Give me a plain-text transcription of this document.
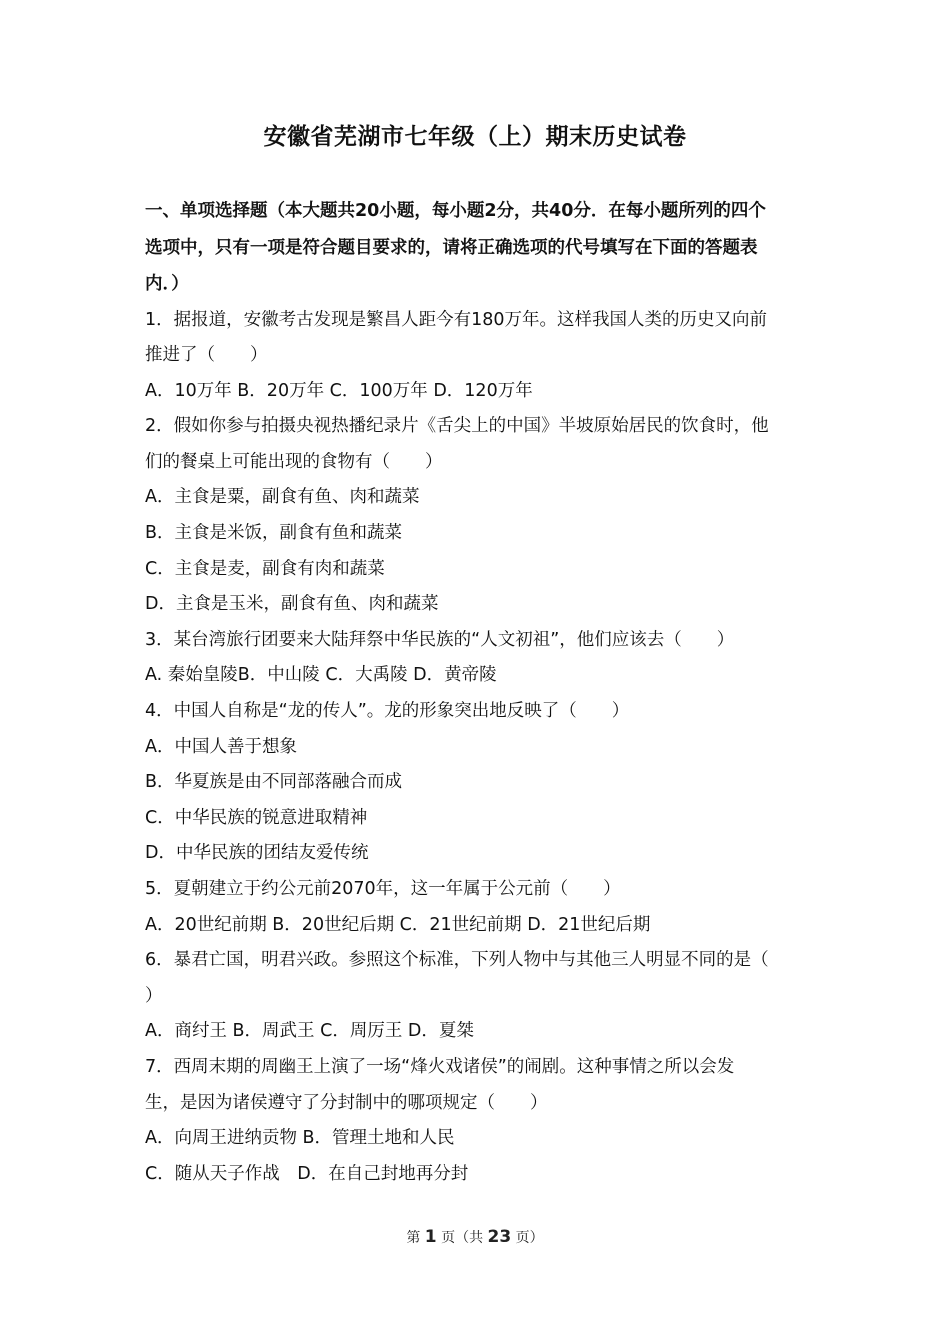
安徽省芜湖市七年级（上）期末历史试卷
一、单项选择题（本大题共20小题，每小题2分，共40分．在每小题所列的四个
选项中，只有一项是符合题目要求的，请将正确选项的代号填写在下面的答题表
内．）
1．据报道，安徽考古发现是繁昌人距今有180万年。这样我国人类的历史又向前
推进了（　　）
A．10万年 B．20万年 C．100万年 D．120万年
2．假如你参与拍摄央视热播纪录片《舌尖上的中国》半坡原始居民的饮食时，他
们的餐桌上可能出现的食物有（　　）
A．主食是粟，副食有鱼、肉和蔬菜
B．主食是米饭，副食有鱼和蔬菜
C．主食是麦，副食有肉和蔬菜
D．主食是玉米，副食有鱼、肉和蔬菜
3．某台湾旅行团要来大陆拜祭中华民族的“人文初祖”，他们应该去（　　）
A. 秦始皇陵B．中山陵 C．大禹陵 D．黄帝陵
4．中国人自称是“龙的传人”。龙的形象突出地反映了（　　）
A．中国人善于想象
B．华夏族是由不同部落融合而成
C．中华民族的锐意进取精神
D．中华民族的团结友爱传统
5．夏朝建立于约公元前2070年，这一年属于公元前（　　）
A．20世纪前期 B．20世纪后期 C．21世纪前期 D．21世纪后期
6．暴君亡国，明君兴政。参照这个标准，下列人物中与其他三人明显不同的是（
）
A．商纣王 B．周武王 C．周厉王 D．夏桀
7．西周末期的周幽王上演了一场“烽火戏诸侯”的闹剧。这种事情之所以会发
生，是因为诸侯遵守了分封制中的哪项规定（　　）
A．向周王进纳贡物 B．管理土地和人民
C．随从天子作战　D．在自己封地再分封
第 1 页（共 23 页）
